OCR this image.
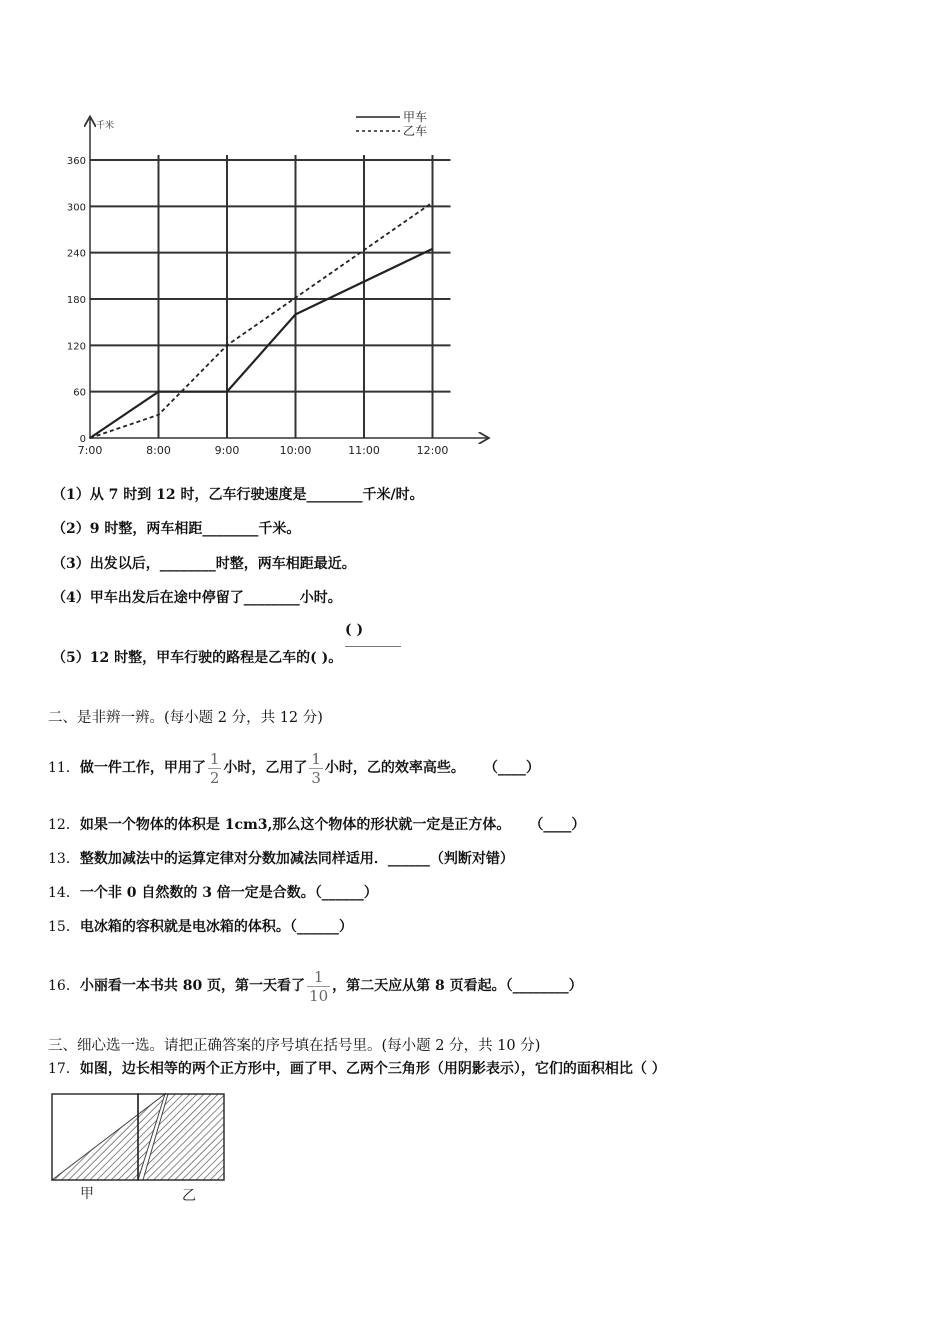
0
60
120
180
240
300
360
7:00	8:00	9:00	10:00	11:00	12:00
千米
甲车
乙车
（1）从 7 时到 12 时，乙车行驶速度是________千米/时。
（2）9 时整，两车相距________千米。
（3）出发以后，________时整，两车相距最近。
（4）甲车出发后在途中停留了________小时。
( )
（5）12 时整，甲车行驶的路程是乙车的( )。
二、是非辨一辨。(每小题 2 分，共 12 分)
11．做一件工作，甲用了 $\frac{1}{2}$ 小时，乙用了 $\frac{1}{3}$ 小时，乙的效率高些。 （____）
12．如果一个物体的体积是 1cm3,那么这个物体的形状就一定是正方体。 （____）
13．整数加减法中的运算定律对分数加减法同样适用．______（判断对错）
14．一个非 0 自然数的 3 倍一定是合数。（______）
15．电冰箱的容积就是电冰箱的体积。（______）
16．小丽看一本书共 80 页，第一天看了 $\frac{1}{10}$ ，第二天应从第 8 页看起。（________）
三、细心选一选。请把正确答案的序号填在括号里。(每小题 2 分，共 10 分)
17．如图，边长相等的两个正方形中，画了甲、乙两个三角形（用阴影表示），它们的面积相比（ ）
甲	乙
